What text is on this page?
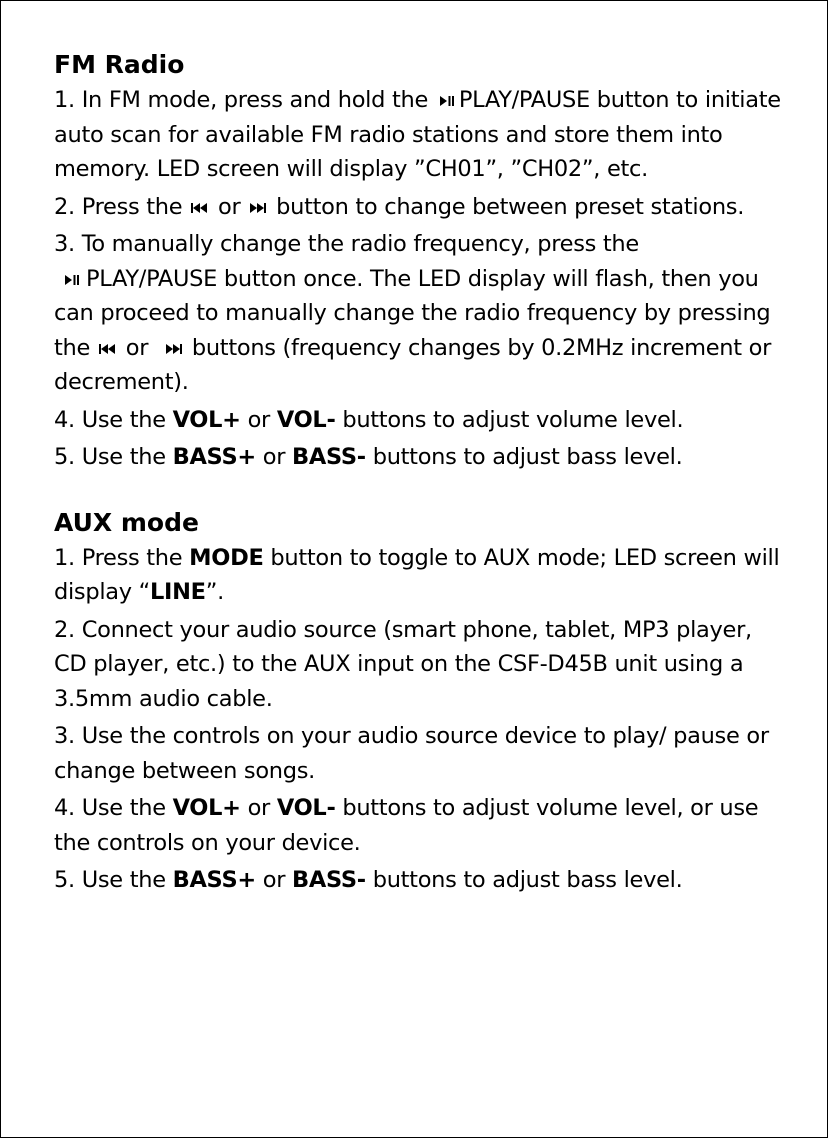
FM Radio

1. In FM mode, press and hold the
PLAY/PAUSE button to initiate auto scan for available FM radio stations and store them into memory. LED screen will display ”CH01”, ”CH02”, etc.

2. Press the
or
button to change between preset stations.

3. To manually change the radio frequency, press the

PLAY/PAUSE button once. The LED display will flash, then you can proceed to manually change the radio frequency by pressing the
or
buttons (frequency changes by 0.2MHz increment or decrement).

4. Use the VOL+ or VOL- buttons to adjust volume level.

5. Use the BASS+ or BASS- buttons to adjust bass level.

AUX mode

1. Press the MODE button to toggle to AUX mode; LED screen will display “LINE”.

2. Connect your audio source (smart phone, tablet, MP3 player, CD player, etc.) to the AUX input on the CSF-D45B unit using a 3.5mm audio cable.

3. Use the controls on your audio source device to play/ pause or change between songs.

4. Use the VOL+ or VOL- buttons to adjust volume level, or use the controls on your device.

5. Use the BASS+ or BASS- buttons to adjust bass level.
